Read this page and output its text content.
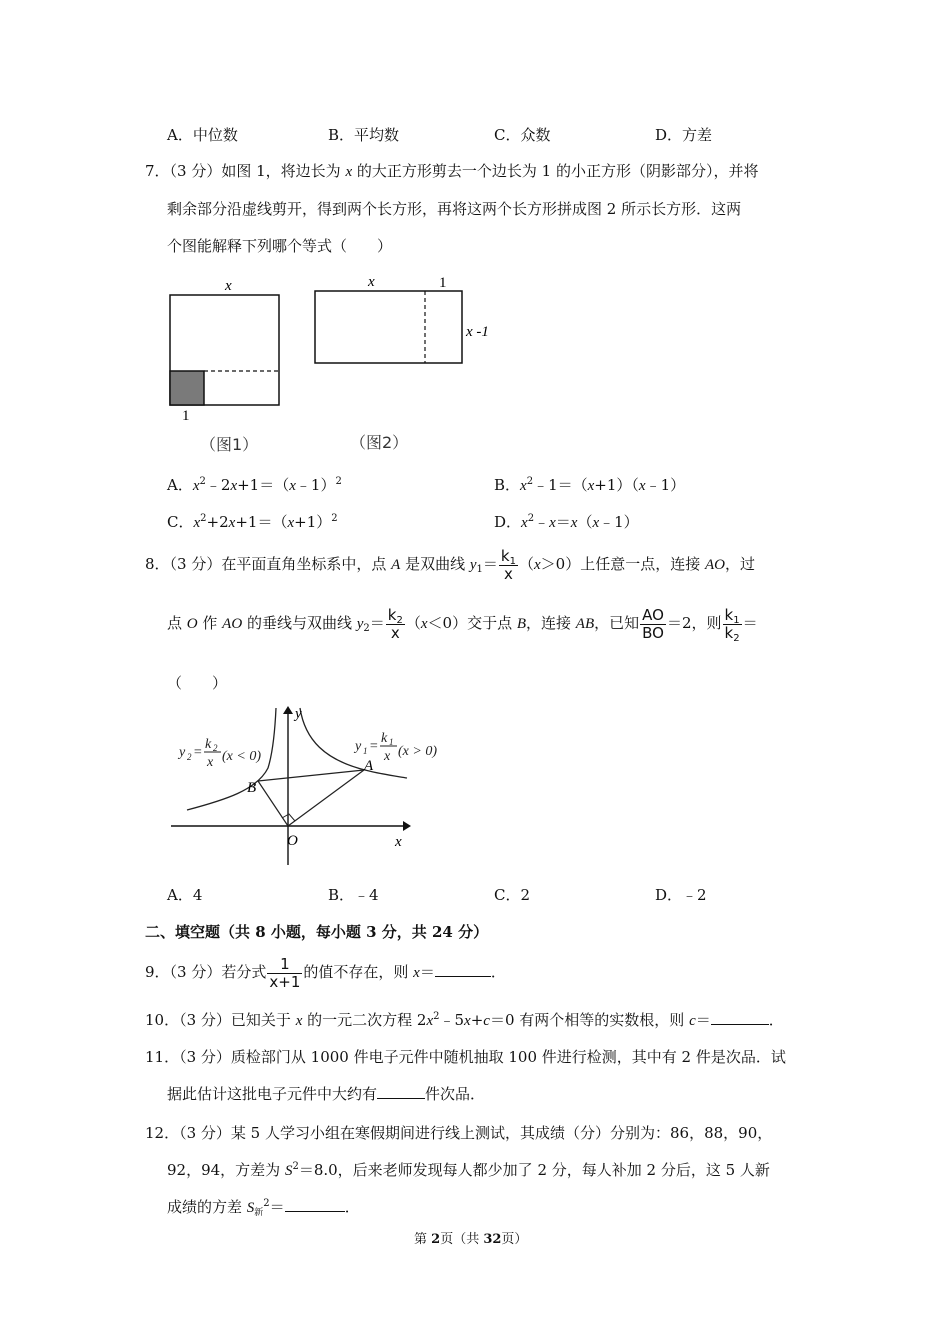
A．中位数	B．平均数	C．众数	D．方差
7．（3 分）如图 1，将边长为 x 的大正方形剪去一个边长为 1 的小正方形（阴影部分），并将
剩余部分沿虚线剪开，得到两个长方形，再将这两个长方形拼成图 2 所示长方形．这两
个图能解释下列哪个等式（　　）
x
1
（图1）
x	1
x -1
（图2）
A．$x^2﹣2x+1=(x﹣1)^2$	B．$x^2﹣1=(x+1)(x﹣1)$
C．$x^2+2x+1=(x+1)^2$	D．$x^2﹣x=x(x﹣1)$
8．（3 分）在平面直角坐标系中，点 A 是双曲线 $y_1= \frac{k_1}{x} (x>0)$上任意一点，连接 AO，过
点 O 作 AO 的垂线与双曲线 $y_2= \frac{k_2}{x} (x<0)$交于点 B，连接 AB，已知 $\frac{AO}{BO} =2$，则 $\frac{k_1}{k_2}$ ＝
（　　）
y
x
O
A
B
y 2 =
k 2
x (x < 0)
y 1 =
k 1
x (x > 0)
A．4	B．﹣4	C．2	D．﹣2
二、填空题（共 8 小题，每小题 3 分，共 24 分）
9．（3 分）若分式 $\frac{1}{x+1}$ 的值不存在，则 x＝	．
10．（3 分）已知关于 x 的一元二次方程 $2x^2﹣5x+c=0$ 有两个相等的实数根，则 c＝	．
11．（3 分）质检部门从 1000 件电子元件中随机抽取 100 件进行检测，其中有 2 件是次品．试
据此估计这批电子元件中大约有	件次品．
12．（3 分）某 5 人学习小组在寒假期间进行线上测试，其成绩（分）分别为：86，88，90，
92，94，方差为 $S^2=8.0$，后来老师发现每人都少加了 2 分，每人补加 2 分后，这 5 人新
成绩的方差 $S_新^2=$	．
第 2页（共 32页）
